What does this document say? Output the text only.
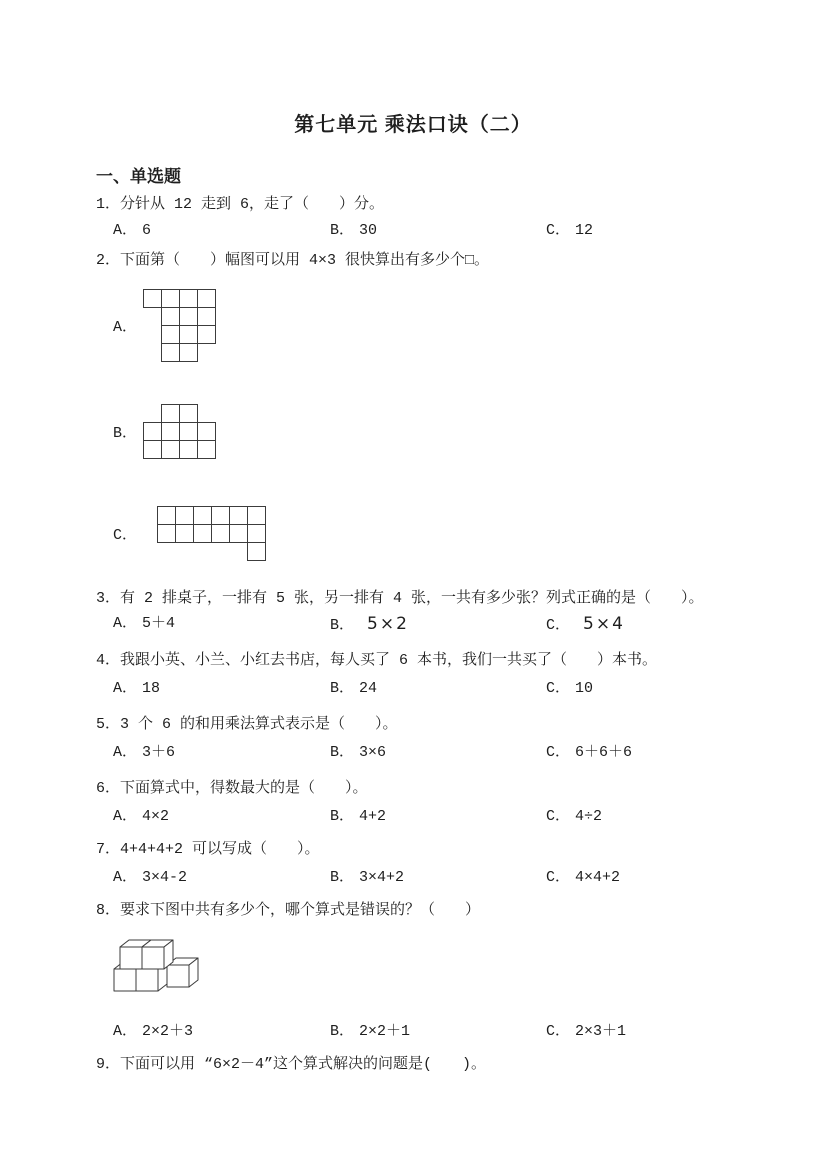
第七单元 乘法口诀（二）
一、单选题
1．分针从 12 走到 6，走了（　　）分。
A． 6	B． 30	C． 12
2．下面第（　　）幅图可以用 4×3 很快算出有多少个□。
A．
B．
C．
3．有 2 排桌子，一排有 5 张，另一排有 4 张，一共有多少张？列式正确的是（　　）。
A． 5＋4	B． 5×2	C． 5×4
4．我跟小英、小兰、小红去书店，每人买了 6 本书，我们一共买了（　　）本书。
A． 18	B． 24	C． 10
5．3 个 6 的和用乘法算式表示是（　　）。
A． 3＋6	B． 3×6	C． 6＋6＋6
6．下面算式中，得数最大的是（　　）。
A． 4×2	B． 4+2	C． 4÷2
7．4+4+4+2 可以写成（　　）。
A． 3×4-2	B． 3×4+2	C． 4×4+2
8．要求下图中共有多少个，哪个算式是错误的？（　　）
A． 2×2＋3	B． 2×2＋1	C． 2×3＋1
9．下面可以用 “6×2－4”这个算式解决的问题是(　　)。
